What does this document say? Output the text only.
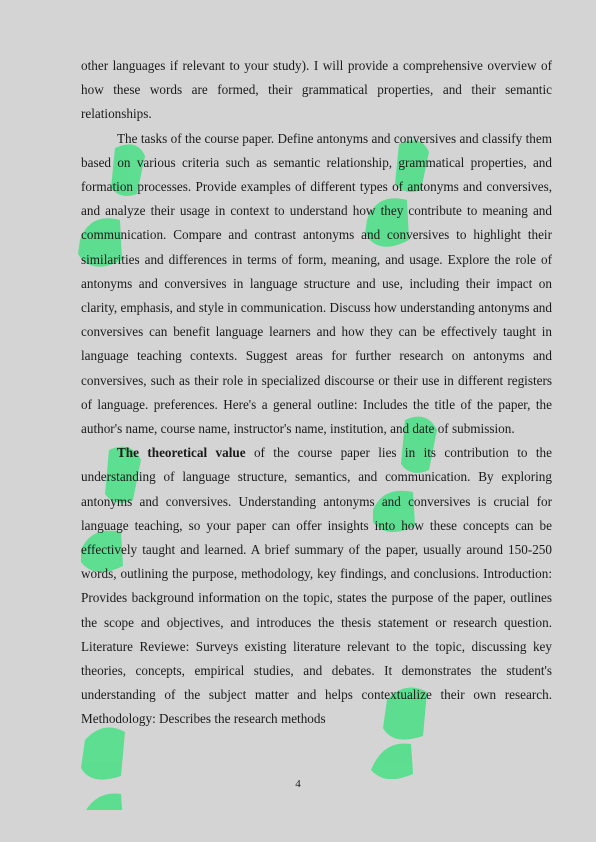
other languages if relevant to your study). I will provide a comprehensive overview of how these words are formed, their grammatical properties, and their semantic relationships.

The tasks of the course paper. Define antonyms and conversives and classify them based on various criteria such as semantic relationship, grammatical properties, and formation processes. Provide examples of different types of antonyms and conversives, and analyze their usage in context to understand how they contribute to meaning and communication. Compare and contrast antonyms and conversives to highlight their similarities and differences in terms of form, meaning, and usage. Explore the role of antonyms and conversives in language structure and use, including their impact on clarity, emphasis, and style in communication. Discuss how understanding antonyms and conversives can benefit language learners and how they can be effectively taught in language teaching contexts. Suggest areas for further research on antonyms and conversives, such as their role in specialized discourse or their use in different registers of language. preferences. Here's a general outline: Includes the title of the paper, the author's name, course name, instructor's name, institution, and date of submission.

The theoretical value of the course paper lies in its contribution to the understanding of language structure, semantics, and communication. By exploring antonyms and conversives. Understanding antonyms and conversives is crucial for language teaching, so your paper can offer insights into how these concepts can be effectively taught and learned. A brief summary of the paper, usually around 150-250 words, outlining the purpose, methodology, key findings, and conclusions. Introduction: Provides background information on the topic, states the purpose of the paper, outlines the scope and objectives, and introduces the thesis statement or research question. Literature Reviewe: Surveys existing literature relevant to the topic, discussing key theories, concepts, empirical studies, and debates. It demonstrates the student's understanding of the subject matter and helps contextualize their own research. Methodology: Describes the research methods

4
